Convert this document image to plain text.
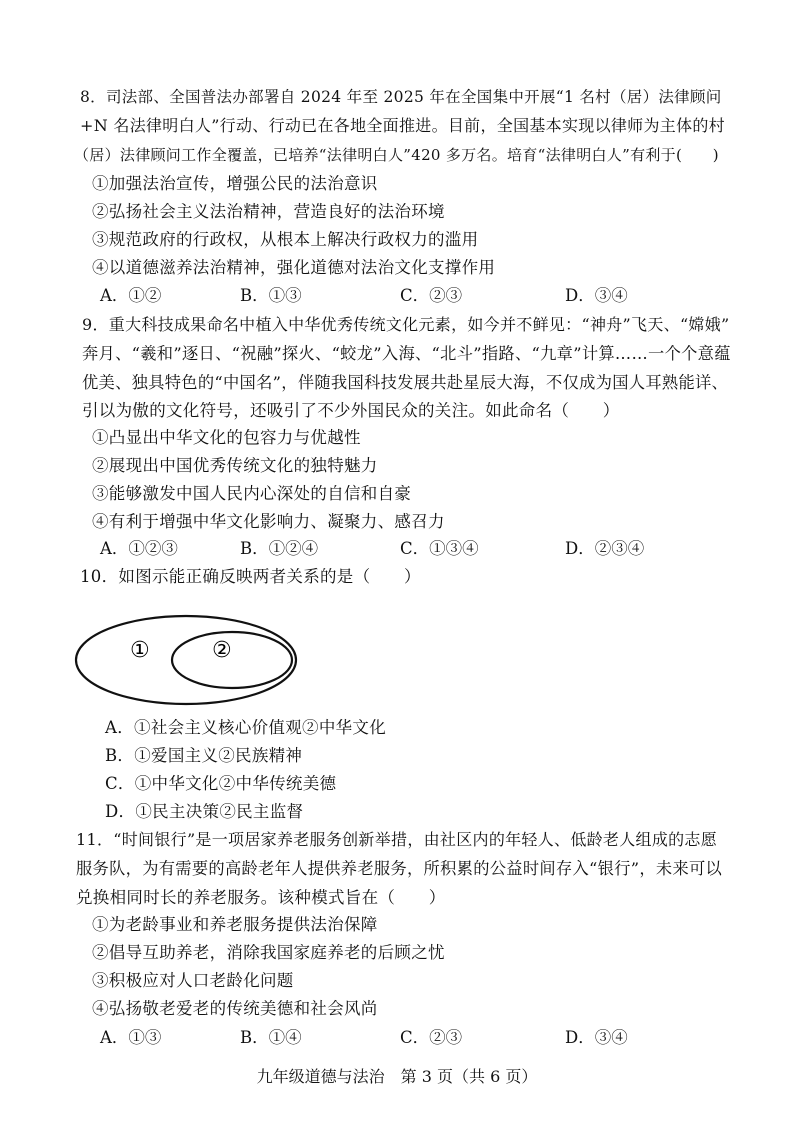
8．司法部、全国普法办部署自 2024 年至 2025 年在全国集中开展“1 名村（居）法律顾问
+N 名法律明白人”行动、行动已在各地全面推进。目前，全国基本实现以律师为主体的村
（居）法律顾问工作全覆盖，已培养“法律明白人”420 多万名。培育“法律明白人”有利于(　　)
①加强法治宣传，增强公民的法治意识
②弘扬社会主义法治精神，营造良好的法治环境
③规范政府的行政权，从根本上解决行政权力的滥用
④以道德滋养法治精神，强化道德对法治文化支撑作用
A．①②	B．①③	C．②③	D．③④
9．重大科技成果命名中植入中华优秀传统文化元素，如今并不鲜见：“神舟”飞天、“嫦娥”
奔月、“羲和”逐日、“祝融”探火、“蛟龙”入海、“北斗”指路、“九章”计算……一个个意蕴
优美、独具特色的“中国名”，伴随我国科技发展共赴星辰大海，不仅成为国人耳熟能详、
引以为傲的文化符号，还吸引了不少外国民众的关注。如此命名（　　）
①凸显出中华文化的包容力与优越性
②展现出中国优秀传统文化的独特魅力
③能够激发中国人民内心深处的自信和自豪
④有利于增强中华文化影响力、凝聚力、感召力
A．①②③	B．①②④	C．①③④	D．②③④
10．如图示能正确反映两者关系的是（　　）
①	②
A．①社会主义核心价值观②中华文化
B．①爱国主义②民族精神
C．①中华文化②中华传统美德
D．①民主决策②民主监督
11．“时间银行”是一项居家养老服务创新举措，由社区内的年轻人、低龄老人组成的志愿
服务队，为有需要的高龄老年人提供养老服务，所积累的公益时间存入“银行”，未来可以
兑换相同时长的养老服务。该种模式旨在（　　）
①为老龄事业和养老服务提供法治保障
②倡导互助养老，消除我国家庭养老的后顾之忧
③积极应对人口老龄化问题
④弘扬敬老爱老的传统美德和社会风尚
A．①③	B．①④	C．②③	D．③④
九年级道德与法治　第 3 页（共 6 页）
